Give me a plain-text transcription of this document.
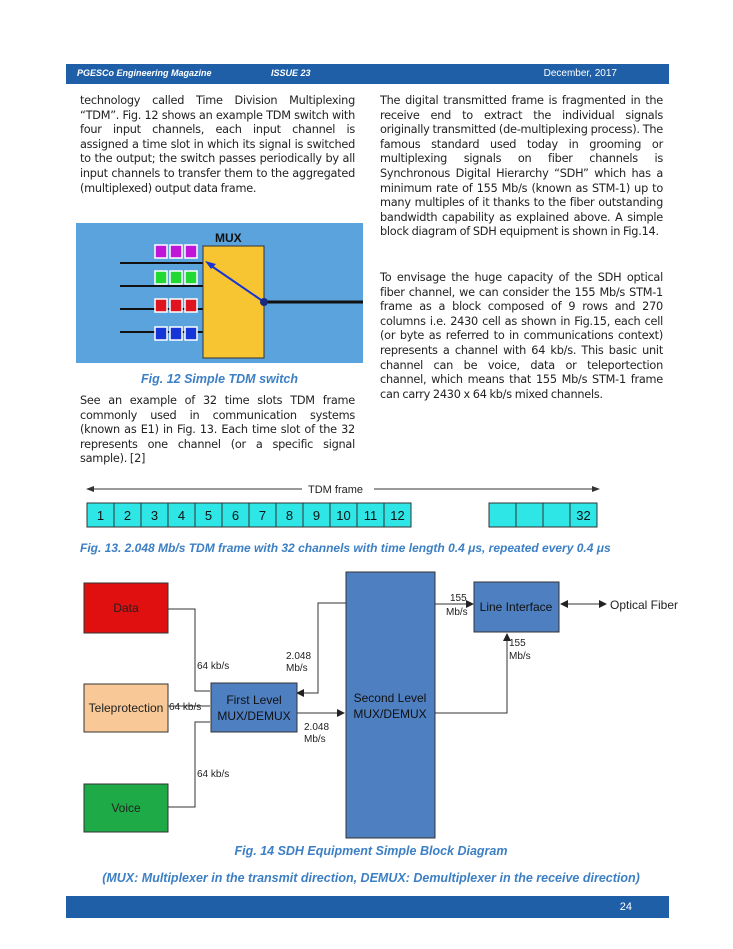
PGESCo Engineering Magazine	ISSUE 23	December, 2017

technology called Time Division Multiplexing “TDM”. Fig. 12 shows an example TDM switch with four input channels, each input channel is assigned a time slot in which its signal is switched to the output; the switch passes periodically by all input channels to transfer them to the aggregated (multiplexed) output data frame.

MUX
Fig. 12 Simple TDM switch

See an example of 32 time slots TDM frame commonly used in communication systems (known as E1) in Fig. 13. Each time slot of the 32 represents one channel (or a specific signal sample). [2]

The digital transmitted frame is fragmented in the receive end to extract the individual signals originally transmitted (de-multiplexing process). The famous standard used today in grooming or multiplexing signals on fiber channels is Synchronous Digital Hierarchy “SDH” which has a minimum rate of 155 Mb/s (known as STM-1) up to many multiples of it thanks to the fiber outstanding bandwidth capability as explained above. A simple block diagram of SDH equipment is shown in Fig.14.

To envisage the huge capacity of the SDH optical fiber channel, we can consider the 155 Mb/s STM-1 frame as a block composed of 9 rows and 270 columns i.e. 2430 cell as shown in Fig.15, each cell (or byte as referred to in communications context) represents a channel with 64 kb/s. This basic unit channel can be voice, data or teleportection channel, which means that 155 Mb/s STM-1 frame can carry 2430 x 64 kb/s mixed channels.

TDM frame
1 2 3 4 5 6 7 8 9 10 11 12	32
Fig. 13. 2.048 Mb/s TDM frame with 32 channels with time length 0.4 μs, repeated every 0.4 μs
Data
Teleprotection
Voice
64 kb/s
64 kb/s
64 kb/s
First Level
MUX/DEMUX
2.048
Mb/s
2.048
Mb/s
Second Level
MUX/DEMUX
155
Mb/s
155
Mb/s
Line Interface	Optical Fiber
Fig. 14 SDH Equipment Simple Block Diagram
(MUX: Multiplexer in the transmit direction, DEMUX: Demultiplexer in the receive direction)
24
